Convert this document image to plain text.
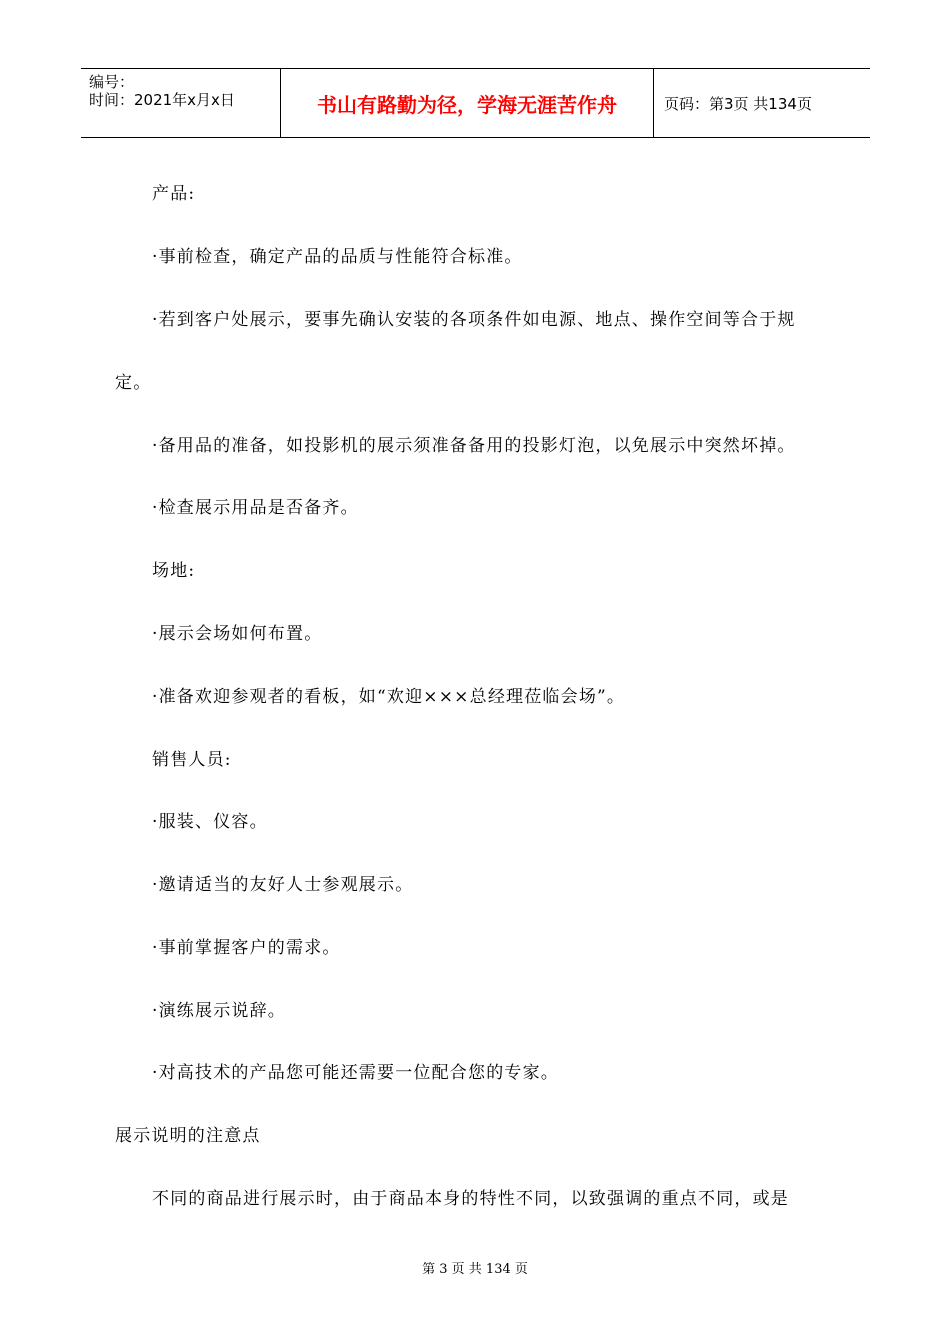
编号：
时间：2021年x月x日	书山有路勤为径，学海无涯苦作舟	页码：第3页 共134页
产品:
·事前检查，确定产品的品质与性能符合标准。
·若到客户处展示，要事先确认安装的各项条件如电源、地点、操作空间等合于规
定。
·备用品的准备，如投影机的展示须准备备用的投影灯泡，以免展示中突然坏掉。
·检查展示用品是否备齐。
场地:
·展示会场如何布置。
·准备欢迎参观者的看板，如“欢迎×××总经理莅临会场”。
销售人员:
·服装、仪容。
·邀请适当的友好人士参观展示。
·事前掌握客户的需求。
·演练展示说辞。
·对高技术的产品您可能还需要一位配合您的专家。
展示说明的注意点
不同的商品进行展示时，由于商品本身的特性不同，以致强调的重点不同，或是
第 3 页 共 134 页
